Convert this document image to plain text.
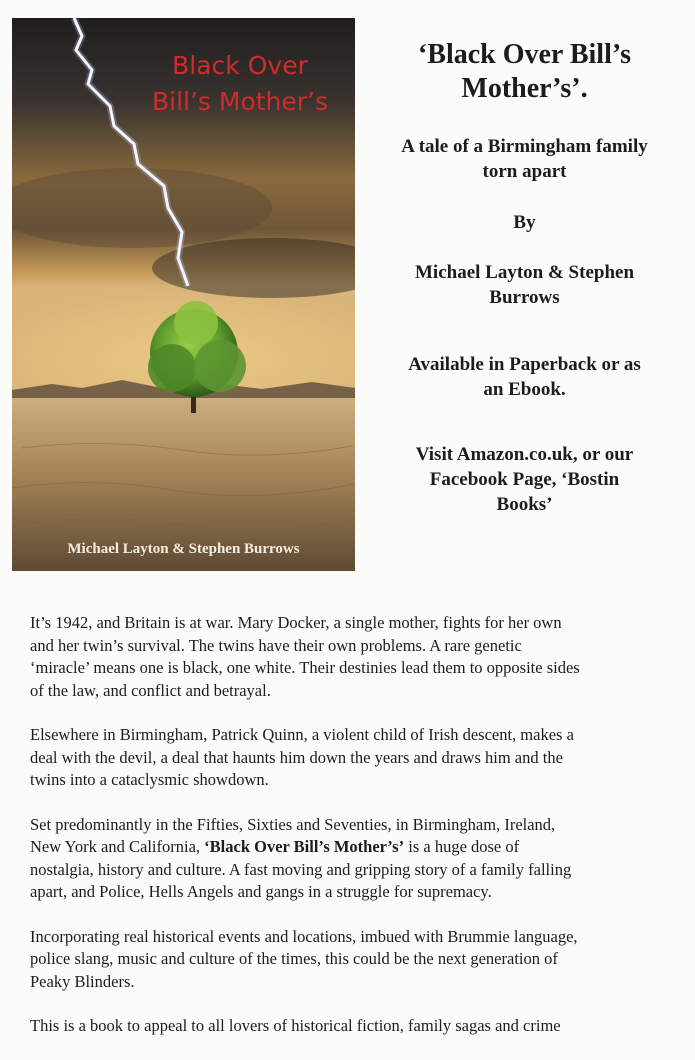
Black Over
Bill’s Mother’s
Michael Layton & Stephen Burrows

‘Black Over Bill’s
Mother’s’.

A tale of a Birmingham family
torn apart

By

Michael Layton & Stephen
Burrows

Available in Paperback or as
an Ebook.

Visit Amazon.co.uk, or our
Facebook Page, ‘Bostin
Books’

It’s 1942, and Britain is at war. Mary Docker, a single mother, fights for her own
and her twin’s survival. The twins have their own problems. A rare genetic
‘miracle’ means one is black, one white. Their destinies lead them to opposite sides
of the law, and conflict and betrayal.

Elsewhere in Birmingham, Patrick Quinn, a violent child of Irish descent, makes a
deal with the devil, a deal that haunts him down the years and draws him and the
twins into a cataclysmic showdown.

Set predominantly in the Fifties, Sixties and Seventies, in Birmingham, Ireland,
New York and California, ‘Black Over Bill’s Mother’s’ is a huge dose of
nostalgia, history and culture. A fast moving and gripping story of a family falling
apart, and Police, Hells Angels and gangs in a struggle for supremacy.

Incorporating real historical events and locations, imbued with Brummie language,
police slang, music and culture of the times, this could be the next generation of
Peaky Blinders.

This is a book to appeal to all lovers of historical fiction, family sagas and crime
